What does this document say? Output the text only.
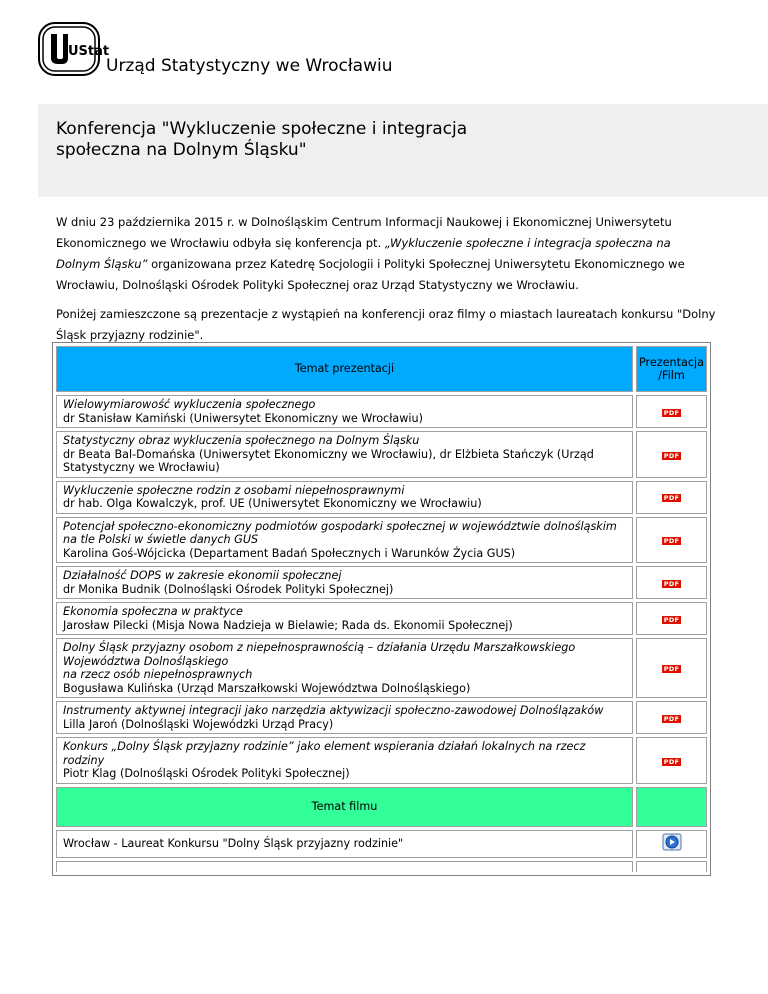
UStat
Urząd Statystyczny we Wrocławiu
Konferencja "Wykluczenie społeczne i integracja społeczna na Dolnym Śląsku"

W dniu 23 października 2015 r. w Dolnośląskim Centrum Informacji Naukowej i Ekonomicznej Uniwersytetu Ekonomicznego we Wrocławiu odbyła się konferencja pt. „Wykluczenie społeczne i integracja społeczna na Dolnym Śląsku” organizowana przez Katedrę Socjologii i Polityki Społecznej Uniwersytetu Ekonomicznego we Wrocławiu, Dolnośląski Ośrodek Polityki Społecznej oraz Urząd Statystyczny we Wrocławiu.

Poniżej zamieszczone są prezentacje z wystąpień na konferencji oraz filmy o miastach laureatach konkursu "Dolny Śląsk przyjazny rodzinie".

Temat prezentacji	Prezentacja /Film
Wielowymiarowość wykluczenia społecznego
dr Stanisław Kamiński (Uniwersytet Ekonomiczny we Wrocławiu)	PDF
Statystyczny obraz wykluczenia społecznego na Dolnym Śląsku
dr Beata Bal-Domańska (Uniwersytet Ekonomiczny we Wrocławiu), dr Elżbieta Stańczyk (Urząd Statystyczny we Wrocławiu)	PDF
Wykluczenie społeczne rodzin z osobami niepełnosprawnymi
dr hab. Olga Kowalczyk, prof. UE (Uniwersytet Ekonomiczny we Wrocławiu)	PDF
Potencjał społeczno-ekonomiczny podmiotów gospodarki społecznej w województwie dolnośląskim na tle Polski w świetle danych GUS
Karolina Goś-Wójcicka (Departament Badań Społecznych i Warunków Życia GUS)	PDF
Działalność DOPS w zakresie ekonomii społecznej
dr Monika Budnik (Dolnośląski Ośrodek Polityki Społecznej)	PDF
Ekonomia społeczna w praktyce
Jarosław Pilecki (Misja Nowa Nadzieja w Bielawie; Rada ds. Ekonomii Społecznej)	PDF
Dolny Śląsk przyjazny osobom z niepełnosprawnością – działania Urzędu Marszałkowskiego Województwa Dolnośląskiego
na rzecz osób niepełnosprawnych
Bogusława Kulińska (Urząd Marszałkowski Województwa Dolnośląskiego)	PDF
Instrumenty aktywnej integracji jako narzędzia aktywizacji społeczno-zawodowej Dolnoślązaków
Lilla Jaroń (Dolnośląski Wojewódzki Urząd Pracy)	PDF
Konkurs „Dolny Śląsk przyjazny rodzinie” jako element wspierania działań lokalnych na rzecz rodziny
Piotr Klag (Dolnośląski Ośrodek Polityki Społecznej)	PDF
Temat filmu	
Wrocław - Laureat Konkursu "Dolny Śląsk przyjazny rodzinie"	
